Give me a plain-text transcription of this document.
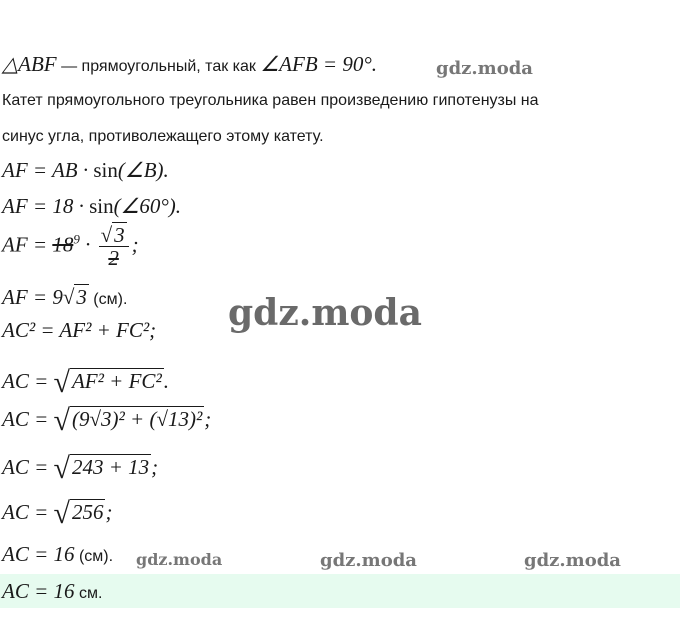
△ABF — прямоугольный, так как ∠AFB = 90°.
Катет прямоугольного треугольника равен произведению гипотенузы на
синус угла, противолежащего этому катету.
AF = AB · sin(∠B).
AF = 18 · sin(∠60°).
AF = $18^9 \cdot \frac{√3}{2}$ ;
AF = 9√3 (см).
AC² = AF² + FC²;
AC = √AF² + FC².
AC = √(9√3)² + (√13)²;
AC = √243 + 13;
AC = √256;
AC = 16 (см).
AC = 16 см.
gdz.moda
gdz.moda
gdz.moda	gdz.moda	gdz.moda
